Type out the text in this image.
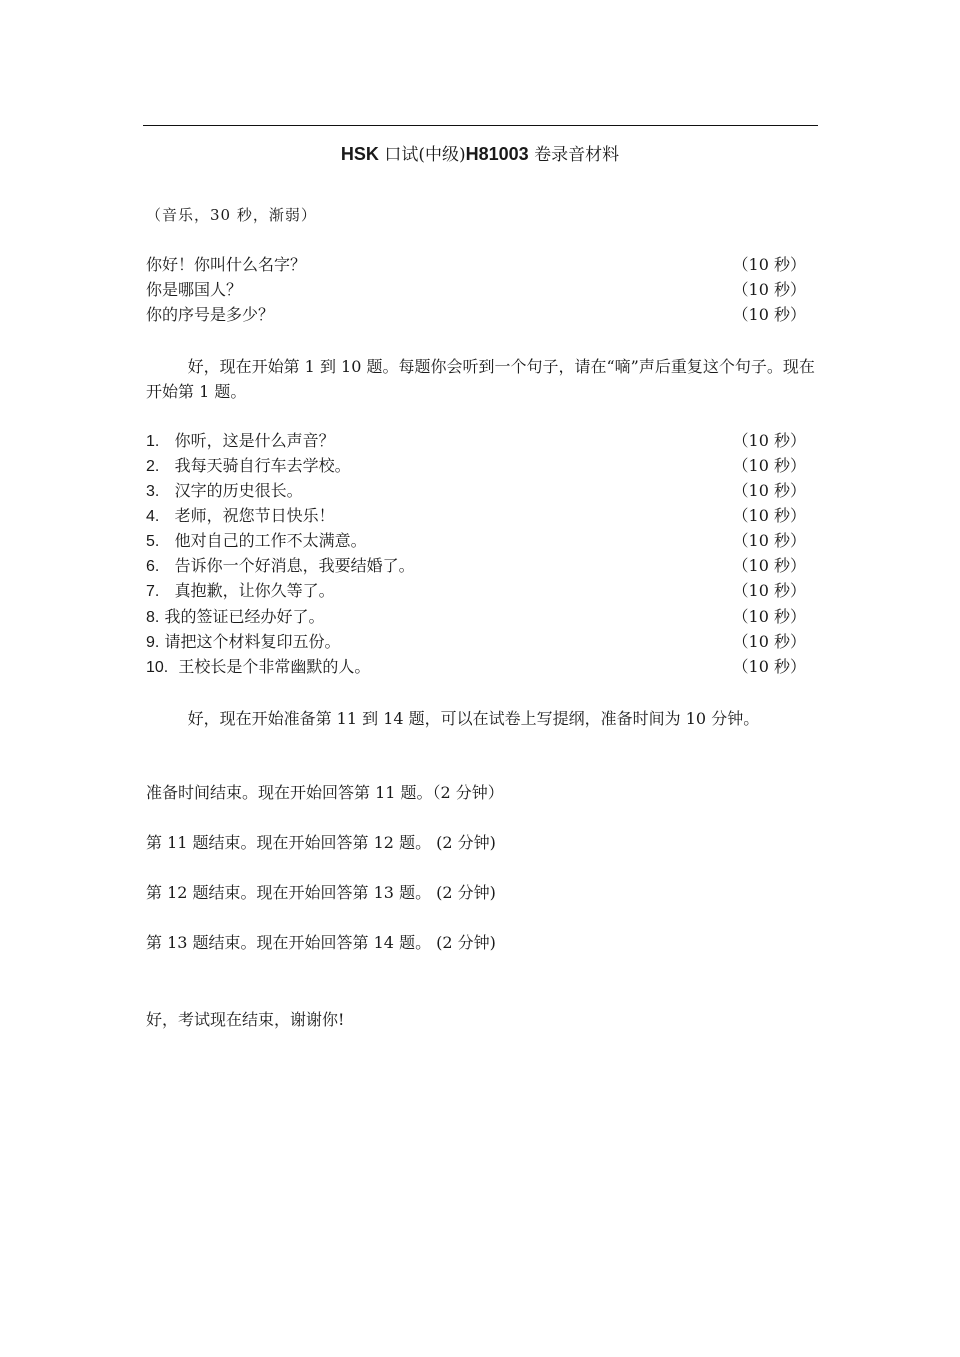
HSK 口试(中级)H81003 卷录音材料
（音乐，30 秒，渐弱）
你好！你叫什么名字？	（10 秒）
你是哪国人？	（10 秒）
你的序号是多少？	（10 秒）
好，现在开始第 1 到 10 题。每题你会听到一个句子，请在“嘀”声后重复这个句子。现在开始第 1 题。
1. 你听，这是什么声音？	（10 秒）
2. 我每天骑自行车去学校。	（10 秒）
3. 汉字的历史很长。	（10 秒）
4. 老师，祝您节日快乐！	（10 秒）
5. 他对自己的工作不太满意。	（10 秒）
6. 告诉你一个好消息，我要结婚了。	（10 秒）
7. 真抱歉，让你久等了。	（10 秒）
8. 我的签证已经办好了。	（10 秒）
9. 请把这个材料复印五份。	（10 秒）
10. 王校长是个非常幽默的人。	（10 秒）
好，现在开始准备第 11 到 14 题，可以在试卷上写提纲，准备时间为 10 分钟。
准备时间结束。现在开始回答第 11 题。（2 分钟）
第 11 题结束。现在开始回答第 12 题。 (2 分钟)
第 12 题结束。现在开始回答第 13 题。 (2 分钟)
第 13 题结束。现在开始回答第 14 题。 (2 分钟)
好，考试现在结束，谢谢你!
